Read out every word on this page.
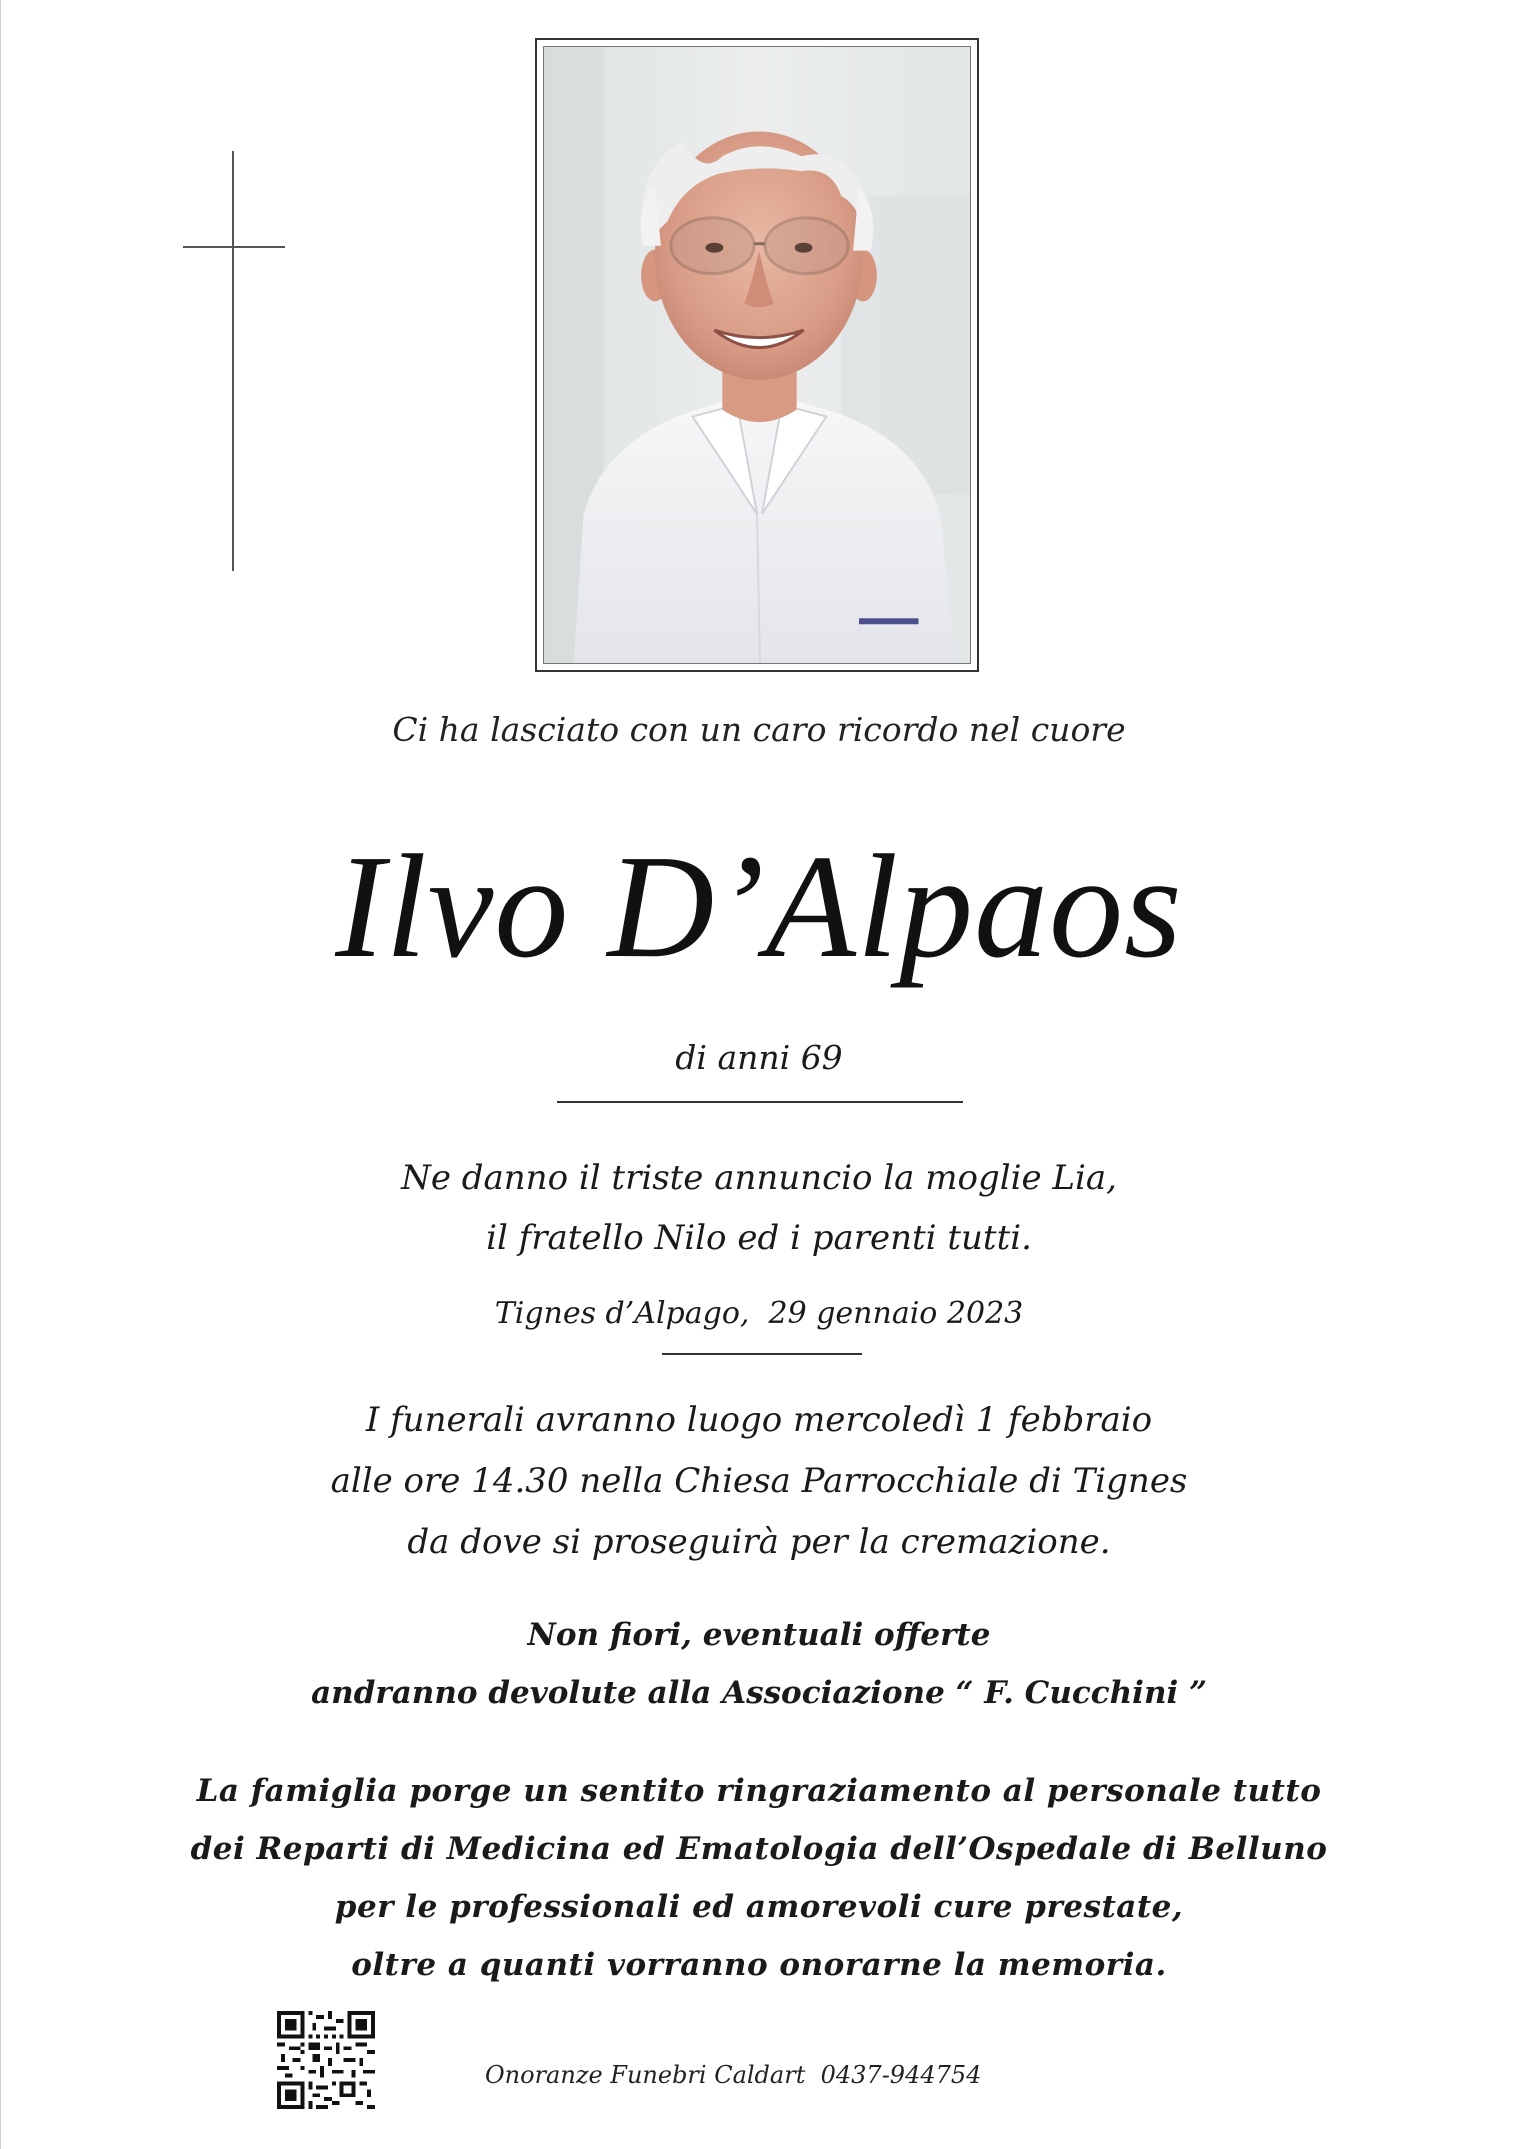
Ci ha lasciato con un caro ricordo nel cuore

Ilvo D’Alpaos

di anni 69

Ne danno il triste annuncio la moglie Lia,
il fratello Nilo ed i parenti tutti.
Tignes d’Alpago, 29 gennaio 2023
I funerali avranno luogo mercoledì 1 febbraio
alle ore 14.30 nella Chiesa Parrocchiale di Tignes
da dove si proseguirà per la cremazione.
Non fiori, eventuali offerte
andranno devolute alla Associazione “ F. Cucchini ”
La famiglia porge un sentito ringraziamento al personale tutto
dei Reparti di Medicina ed Ematologia dell’Ospedale di Belluno
per le professionali ed amorevoli cure prestate,
oltre a quanti vorranno onorarne la memoria.
Onoranze Funebri Caldart 0437-944754
